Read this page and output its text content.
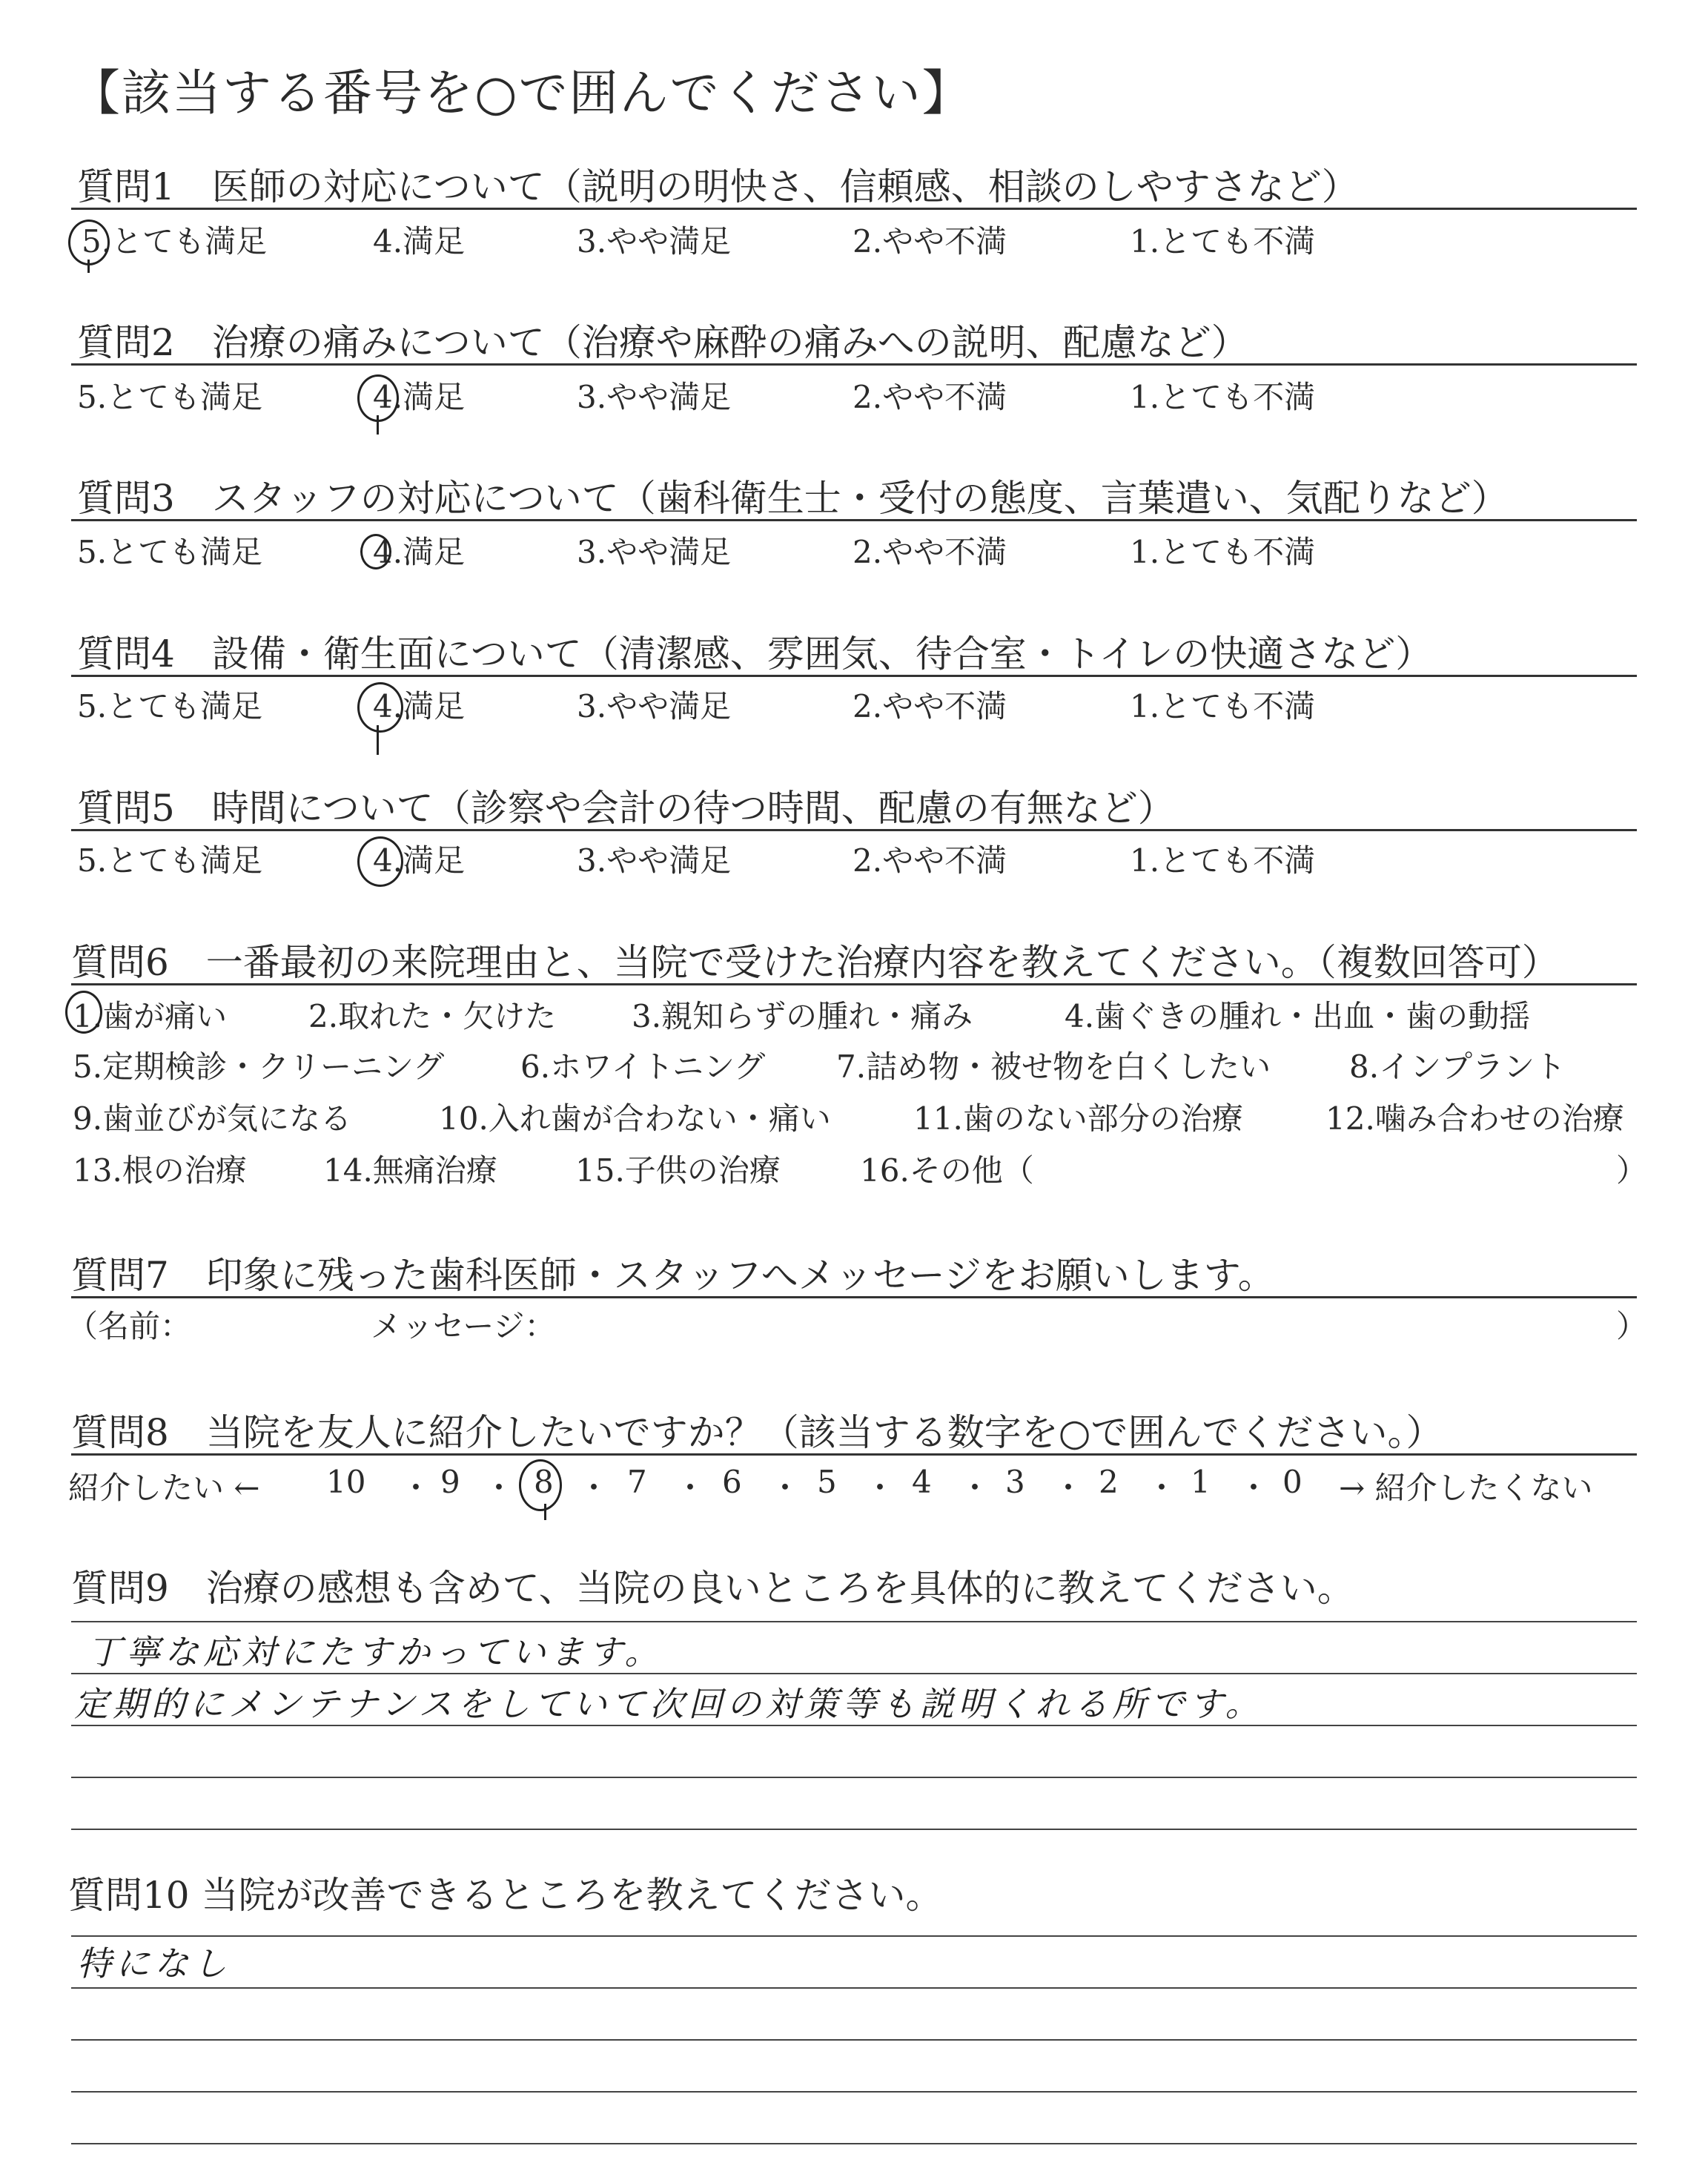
【該当する番号を○で囲んでください】
質問1　医師の対応について（説明の明快さ、信頼感、相談のしやすさなど）
5.とても満足	4.満足	3.やや満足	2.やや不満	1.とても不満
質問2　治療の痛みについて（治療や麻酔の痛みへの説明、配慮など）
5.とても満足	4.満足	3.やや満足	2.やや不満	1.とても不満
質問3　スタッフの対応について（歯科衛生士・受付の態度、言葉遣い、気配りなど）
5.とても満足	4.満足	3.やや満足	2.やや不満	1.とても不満
質問4　設備・衛生面について（清潔感、雰囲気、待合室・トイレの快適さなど）
5.とても満足	4.満足	3.やや満足	2.やや不満	1.とても不満
質問5　時間について（診察や会計の待つ時間、配慮の有無など）
5.とても満足	4.満足	3.やや満足	2.やや不満	1.とても不満
質問6　一番最初の来院理由と、当院で受けた治療内容を教えてください。（複数回答可）
1.歯が痛い	2.取れた・欠けた 3.親知らずの腫れ・痛み	4.歯ぐきの腫れ・出血・歯の動揺
5.定期検診・クリーニング 6.ホワイトニング 7.詰め物・被せ物を白くしたい	8.インプラント
9.歯並びが気になる	10.入れ歯が合わない・痛い	11.歯のない部分の治療	12.噛み合わせの治療
13.根の治療 14.無痛治療	15.子供の治療	16.その他（	）
質問7　印象に残った歯科医師・スタッフへメッセージをお願いします。
（名前：	メッセージ：	）
質問8　当院を友人に紹介したいですか？（該当する数字を○で囲んでください。）
紹介したい ← 10 ・ 9 ・ 8 ・ 7 ・ 6 ・ 5 ・ 4 ・ 3 ・ 2 ・ 1 ・ 0 → 紹介したくない
質問9　治療の感想も含めて、当院の良いところを具体的に教えてください。
丁寧な応対にたすかっています。
定期的にメンテナンスをしていて次回の対策等も説明くれる所です。
質問10 当院が改善できるところを教えてください。
特になし
